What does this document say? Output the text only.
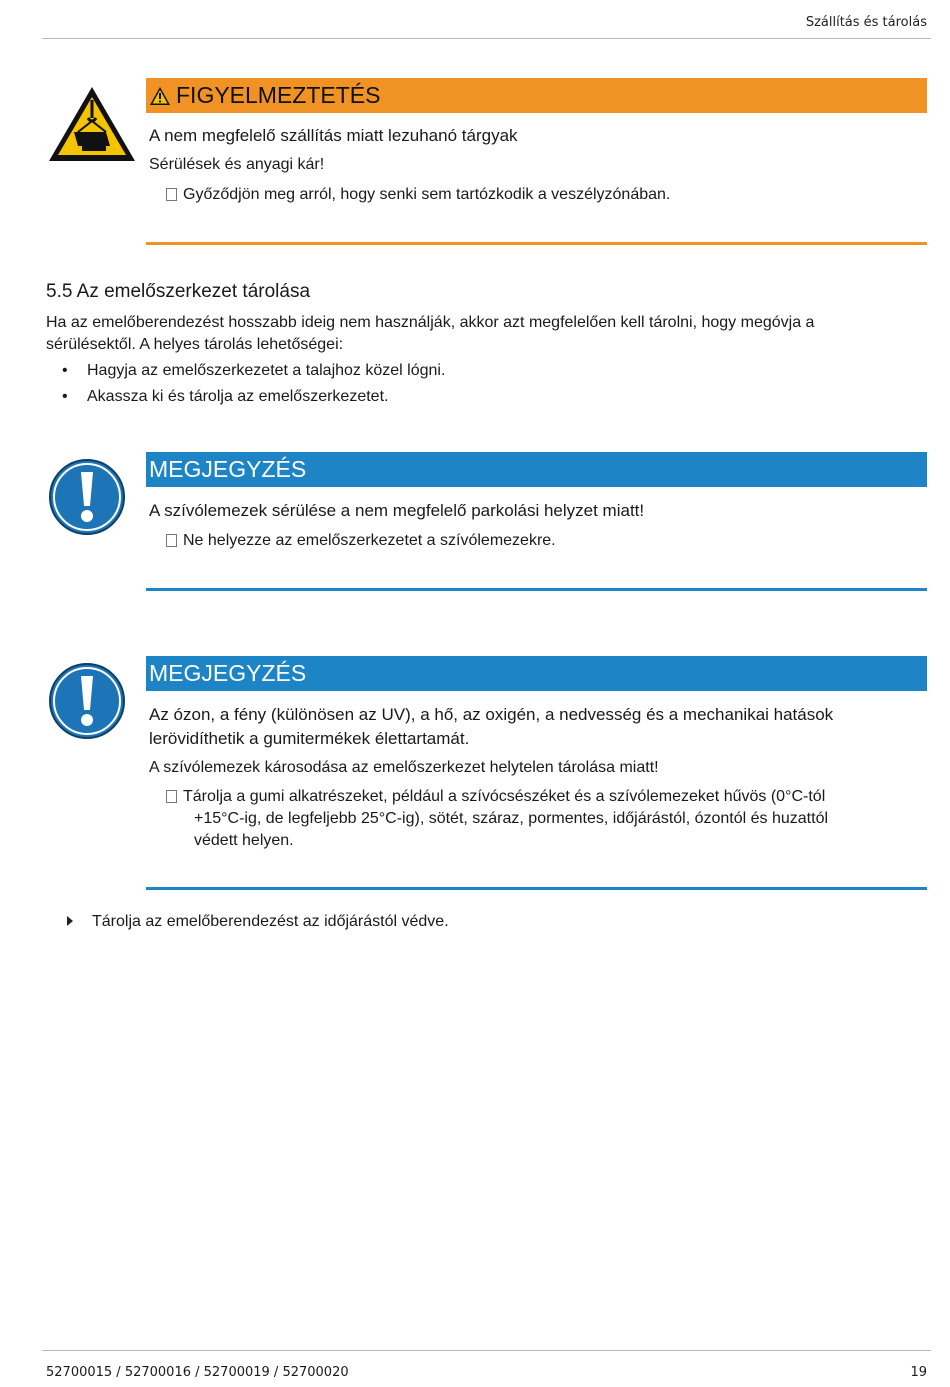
Szállítás és tárolás
FIGYELMEZTETÉS
A nem megfelelő szállítás miatt lezuhanó tárgyak
Sérülések és anyagi kár!
Győződjön meg arról, hogy senki sem tartózkodik a veszélyzónában.
5.5 Az emelőszerkezet tárolása
Ha az emelőberendezést hosszabb ideig nem használják, akkor azt megfelelően kell tárolni, hogy megóvja a
sérülésektől. A helyes tárolás lehetőségei:
• Hagyja az emelőszerkezetet a talajhoz közel lógni.
• Akassza ki és tárolja az emelőszerkezetet.
MEGJEGYZÉS
A szívólemezek sérülése a nem megfelelő parkolási helyzet miatt!
Ne helyezze az emelőszerkezetet a szívólemezekre.
MEGJEGYZÉS
Az ózon, a fény (különösen az UV), a hő, az oxigén, a nedvesség és a mechanikai hatások
lerövidíthetik a gumitermékek élettartamát.
A szívólemezek károsodása az emelőszerkezet helytelen tárolása miatt!
Tárolja a gumi alkatrészeket, például a szívócsészéket és a szívólemezeket hűvös (0°C-tól
+15°C-ig, de legfeljebb 25°C-ig), sötét, száraz, pormentes, időjárástól, ózontól és huzattól
védett helyen.
Tárolja az emelőberendezést az időjárástól védve.
52700015 / 52700016 / 52700019 / 52700020	19
